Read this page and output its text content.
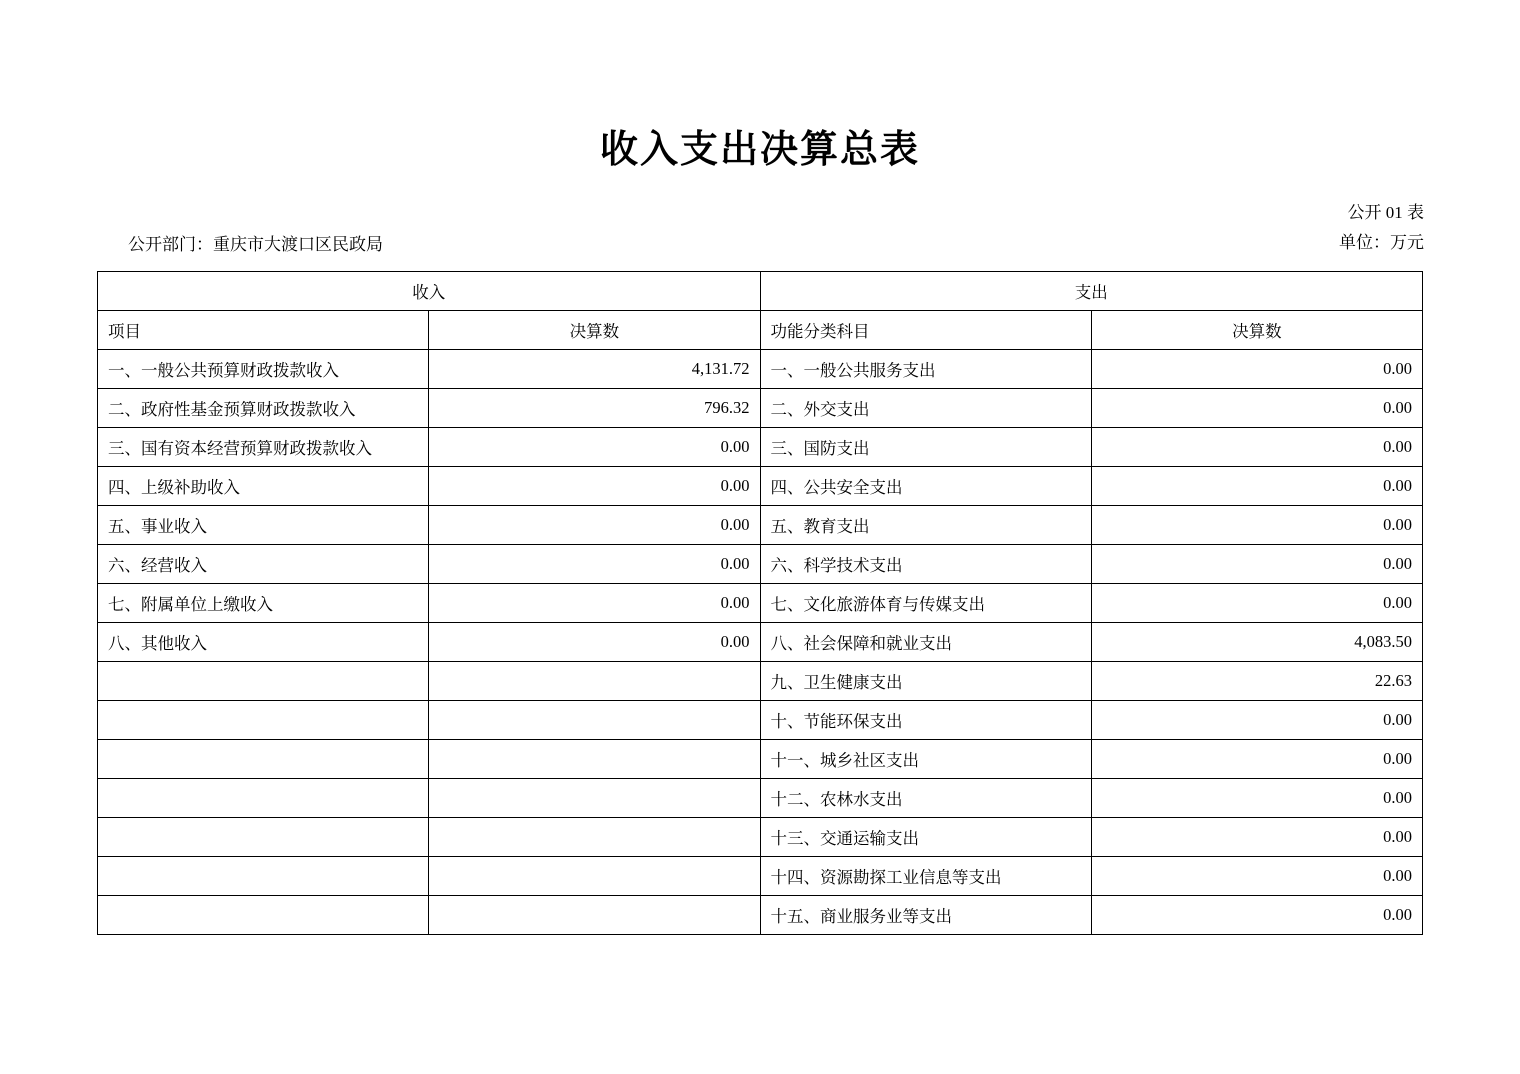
收入支出决算总表
公开 01 表
单位：万元
公开部门：重庆市大渡口区民政局
收入		支出	
项目	决算数	功能分类科目	决算数
一、一般公共预算财政拨款收入	4,131.72	一、一般公共服务支出	0.00
二、政府性基金预算财政拨款收入	796.32	二、外交支出	0.00
三、国有资本经营预算财政拨款收入	0.00	三、国防支出	0.00
四、上级补助收入	0.00	四、公共安全支出	0.00
五、事业收入	0.00	五、教育支出	0.00
六、经营收入	0.00	六、科学技术支出	0.00
七、附属单位上缴收入	0.00	七、文化旅游体育与传媒支出	0.00
八、其他收入	0.00	八、社会保障和就业支出	4,083.50
		九、卫生健康支出	22.63
		十、节能环保支出	0.00
		十一、城乡社区支出	0.00
		十二、农林水支出	0.00
		十三、交通运输支出	0.00
		十四、资源勘探工业信息等支出	0.00
		十五、商业服务业等支出	0.00
